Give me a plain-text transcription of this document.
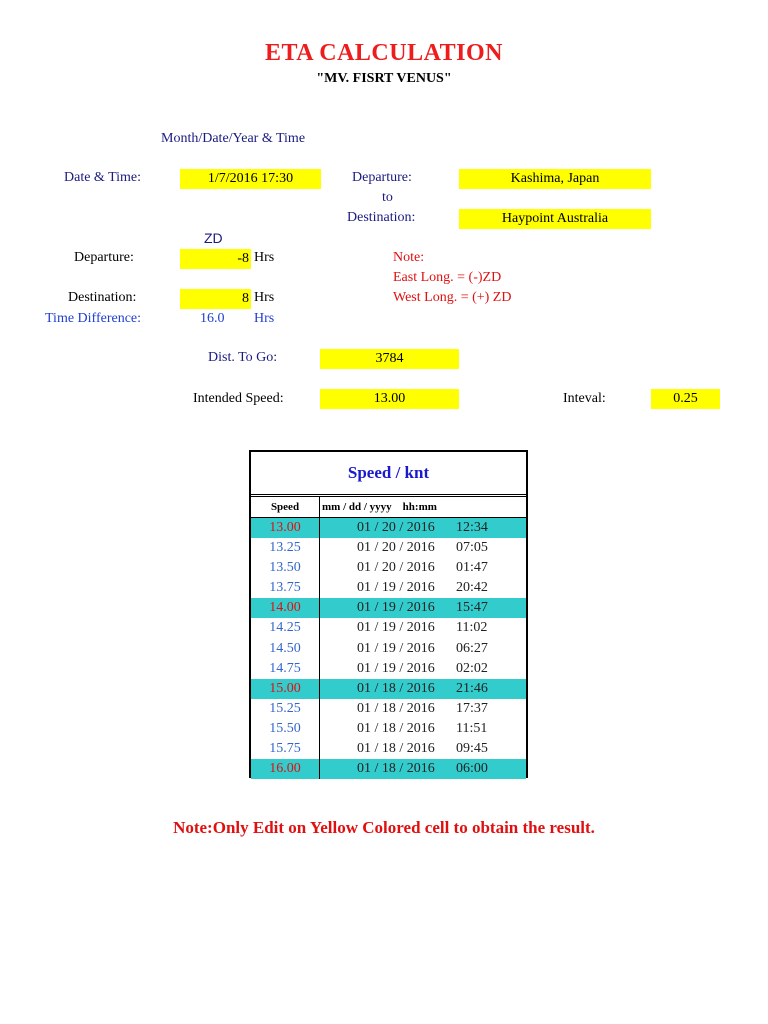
ETA CALCULATION
"MV. FISRT VENUS"
Month/Date/Year & Time
Date & Time:	1/7/2016 17:30	Departure:	Kashima, Japan
to
Destination:	Haypoint Australia
ZD
Departure:	-8 Hrs	Note:
East Long. = (-)ZD
West Long. = (+) ZD
Destination:	8 Hrs
Time Difference:	16.0 Hrs
Dist. To Go:	3784
Intended Speed:	13.00	Inteval:	0.25
Speed / knt
Speed	mm / dd / yyyy    hh:mm
13.00	01 / 20 / 2016 12:34
13.25	01 / 20 / 2016 07:05
13.50	01 / 20 / 2016 01:47
13.75	01 / 19 / 2016 20:42
14.00	01 / 19 / 2016 15:47
14.25	01 / 19 / 2016 11:02
14.50	01 / 19 / 2016 06:27
14.75	01 / 19 / 2016 02:02
15.00	01 / 18 / 2016 21:46
15.25	01 / 18 / 2016 17:37
15.50	01 / 18 / 2016 11:51
15.75	01 / 18 / 2016 09:45
16.00	01 / 18 / 2016 06:00
Note:Only Edit on Yellow Colored cell to obtain the result.
